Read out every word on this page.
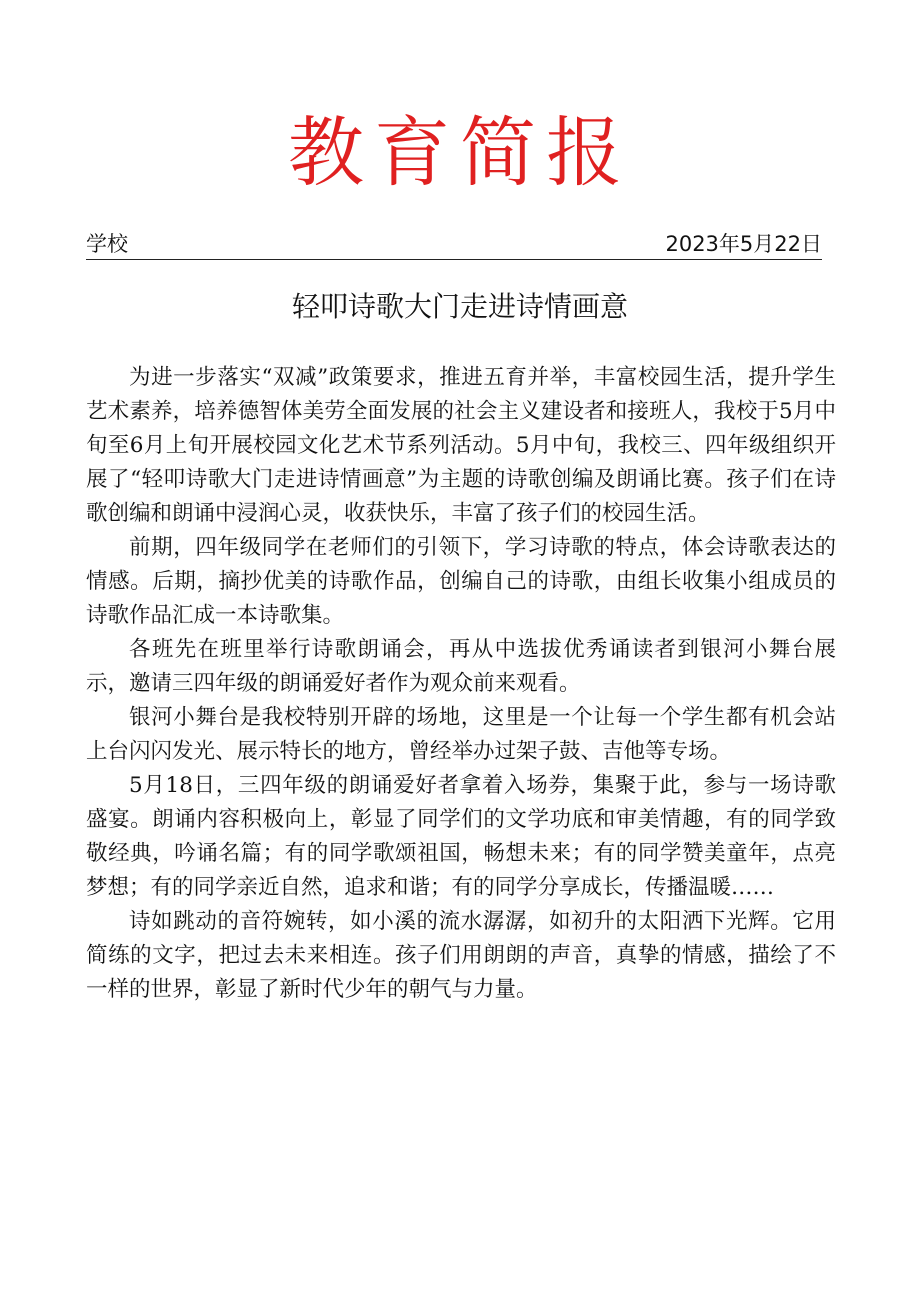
教育简报
学校	2023年5月22日
轻叩诗歌大门走进诗情画意

为进一步落实“双减”政策要求，推进五育并举，丰富校园生活，提升学生艺术素养，培养德智体美劳全面发展的社会主义建设者和接班人，我校于5月中旬至6月上旬开展校园文化艺术节系列活动。5月中旬，我校三、四年级组织开展了“轻叩诗歌大门走进诗情画意”为主题的诗歌创编及朗诵比赛。孩子们在诗歌创编和朗诵中浸润心灵，收获快乐，丰富了孩子们的校园生活。

前期，四年级同学在老师们的引领下，学习诗歌的特点，体会诗歌表达的情感。后期，摘抄优美的诗歌作品，创编自己的诗歌，由组长收集小组成员的诗歌作品汇成一本诗歌集。

各班先在班里举行诗歌朗诵会，再从中选拔优秀诵读者到银河小舞台展示，邀请三四年级的朗诵爱好者作为观众前来观看。

银河小舞台是我校特别开辟的场地，这里是一个让每一个学生都有机会站上台闪闪发光、展示特长的地方，曾经举办过架子鼓、吉他等专场。

5月18日，三四年级的朗诵爱好者拿着入场券，集聚于此，参与一场诗歌盛宴。朗诵内容积极向上，彰显了同学们的文学功底和审美情趣，有的同学致敬经典，吟诵名篇；有的同学歌颂祖国，畅想未来；有的同学赞美童年，点亮梦想；有的同学亲近自然，追求和谐；有的同学分享成长，传播温暖……

诗如跳动的音符婉转，如小溪的流水潺潺，如初升的太阳洒下光辉。它用简练的文字，把过去未来相连。孩子们用朗朗的声音，真挚的情感，描绘了不一样的世界，彰显了新时代少年的朝气与力量。
